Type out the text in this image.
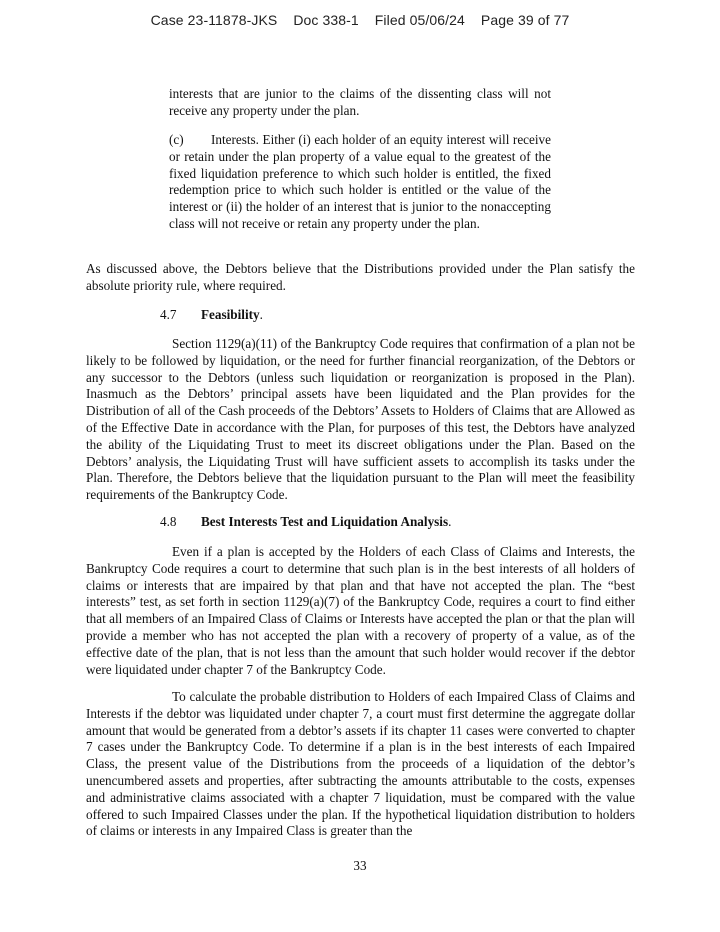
Case 23-11878-JKS Doc 338-1 Filed 05/06/24 Page 39 of 77
interests that are junior to the claims of the dissenting class will not receive any property under the plan.
(c) Interests. Either (i) each holder of an equity interest will receive or retain under the plan property of a value equal to the greatest of the fixed liquidation preference to which such holder is entitled, the fixed redemption price to which such holder is entitled or the value of the interest or (ii) the holder of an interest that is junior to the nonaccepting class will not receive or retain any property under the plan.
As discussed above, the Debtors believe that the Distributions provided under the Plan satisfy the absolute priority rule, where required.
4.7 Feasibility.
Section 1129(a)(11) of the Bankruptcy Code requires that confirmation of a plan not be likely to be followed by liquidation, or the need for further financial reorganization, of the Debtors or any successor to the Debtors (unless such liquidation or reorganization is proposed in the Plan). Inasmuch as the Debtors’ principal assets have been liquidated and the Plan provides for the Distribution of all of the Cash proceeds of the Debtors’ Assets to Holders of Claims that are Allowed as of the Effective Date in accordance with the Plan, for purposes of this test, the Debtors have analyzed the ability of the Liquidating Trust to meet its discreet obligations under the Plan. Based on the Debtors’ analysis, the Liquidating Trust will have sufficient assets to accomplish its tasks under the Plan. Therefore, the Debtors believe that the liquidation pursuant to the Plan will meet the feasibility requirements of the Bankruptcy Code.
4.8 Best Interests Test and Liquidation Analysis.
Even if a plan is accepted by the Holders of each Class of Claims and Interests, the Bankruptcy Code requires a court to determine that such plan is in the best interests of all holders of claims or interests that are impaired by that plan and that have not accepted the plan. The “best interests” test, as set forth in section 1129(a)(7) of the Bankruptcy Code, requires a court to find either that all members of an Impaired Class of Claims or Interests have accepted the plan or that the plan will provide a member who has not accepted the plan with a recovery of property of a value, as of the effective date of the plan, that is not less than the amount that such holder would recover if the debtor were liquidated under chapter 7 of the Bankruptcy Code.
To calculate the probable distribution to Holders of each Impaired Class of Claims and Interests if the debtor was liquidated under chapter 7, a court must first determine the aggregate dollar amount that would be generated from a debtor’s assets if its chapter 11 cases were converted to chapter 7 cases under the Bankruptcy Code. To determine if a plan is in the best interests of each Impaired Class, the present value of the Distributions from the proceeds of a liquidation of the debtor’s unencumbered assets and properties, after subtracting the amounts attributable to the costs, expenses and administrative claims associated with a chapter 7 liquidation, must be compared with the value offered to such Impaired Classes under the plan. If the hypothetical liquidation distribution to holders of claims or interests in any Impaired Class is greater than the
33
